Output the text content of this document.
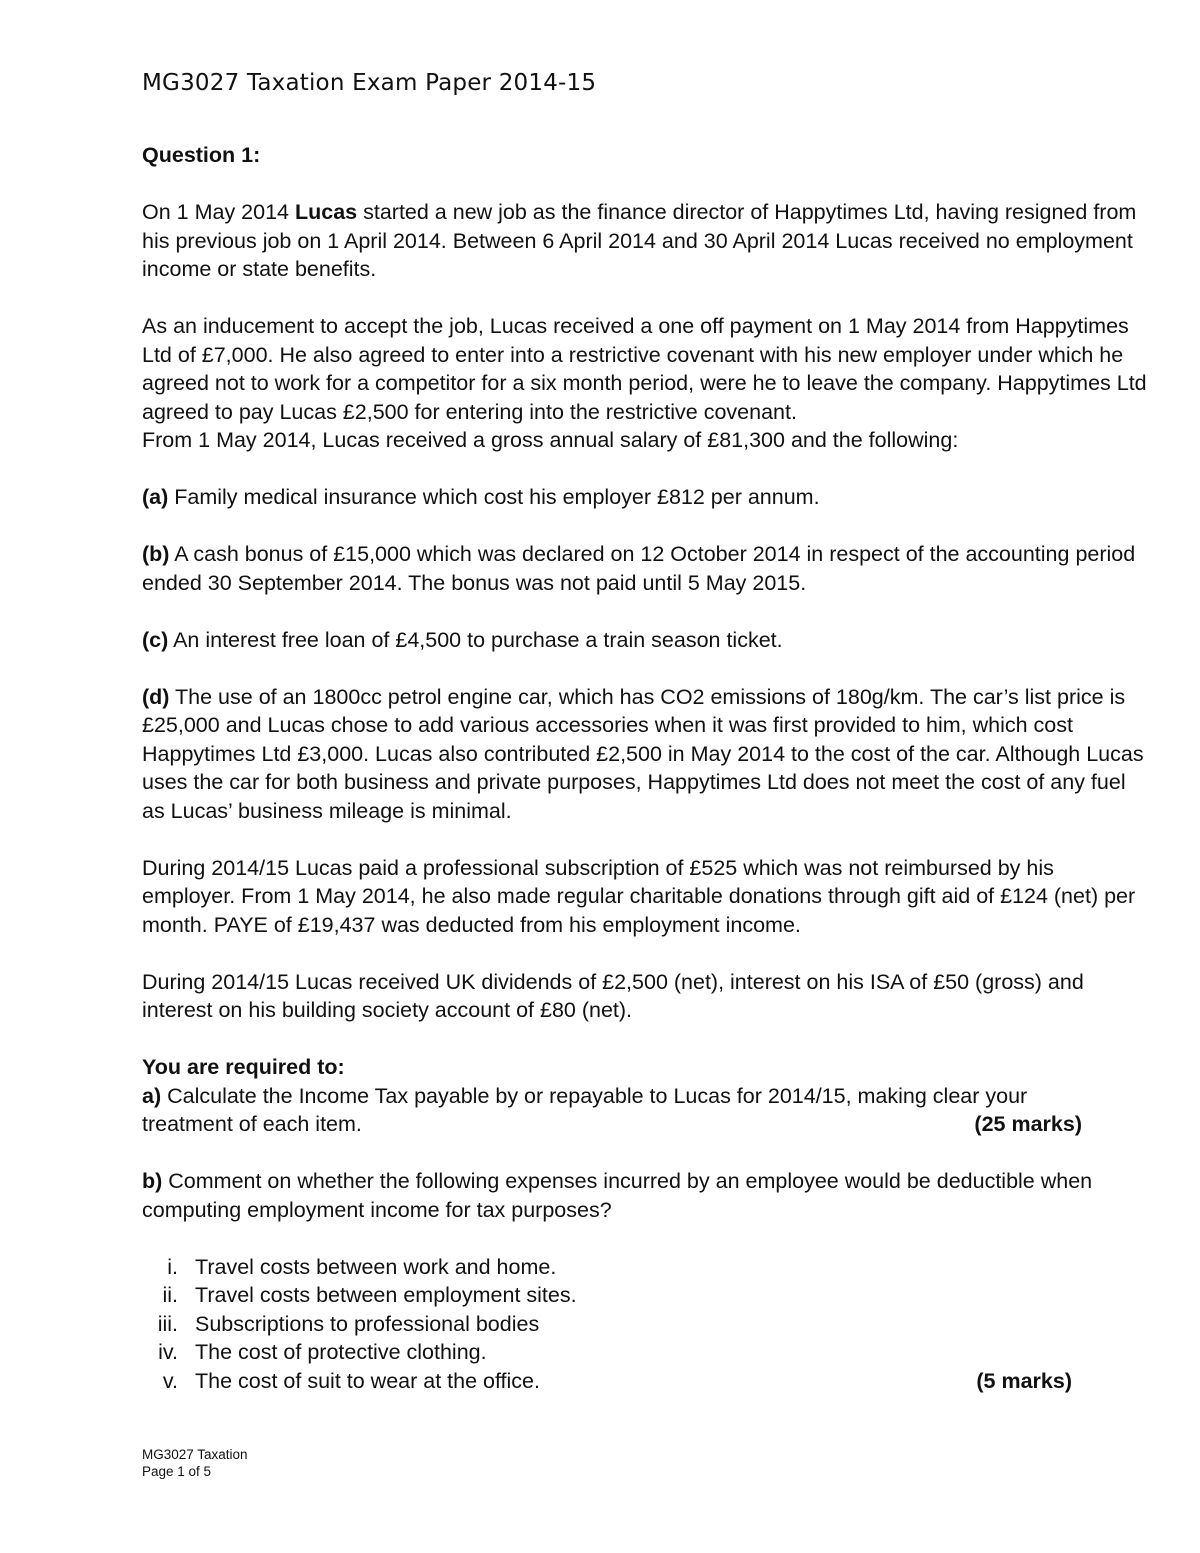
MG3027 Taxation Exam Paper 2014-15

Question 1:

On 1 May 2014 Lucas started a new job as the finance director of Happytimes Ltd, having resigned from his previous job on 1 April 2014. Between 6 April 2014 and 30 April 2014 Lucas received no employment income or state benefits.

As an inducement to accept the job, Lucas received a one off payment on 1 May 2014 from Happytimes Ltd of £7,000. He also agreed to enter into a restrictive covenant with his new employer under which he agreed not to work for a competitor for a six month period, were he to leave the company. Happytimes Ltd agreed to pay Lucas £2,500 for entering into the restrictive covenant.

From 1 May 2014, Lucas received a gross annual salary of £81,300 and the following:

(a) Family medical insurance which cost his employer £812 per annum.

(b) A cash bonus of £15,000 which was declared on 12 October 2014 in respect of the accounting period ended 30 September 2014. The bonus was not paid until 5 May 2015.

(c) An interest free loan of £4,500 to purchase a train season ticket.

(d) The use of an 1800cc petrol engine car, which has CO2 emissions of 180g/km. The car’s list price is £25,000 and Lucas chose to add various accessories when it was first provided to him, which cost Happytimes Ltd £3,000. Lucas also contributed £2,500 in May 2014 to the cost of the car. Although Lucas uses the car for both business and private purposes, Happytimes Ltd does not meet the cost of any fuel as Lucas’ business mileage is minimal.

During 2014/15 Lucas paid a professional subscription of £525 which was not reimbursed by his employer. From 1 May 2014, he also made regular charitable donations through gift aid of £124 (net) per month. PAYE of £19,437 was deducted from his employment income.

During 2014/15 Lucas received UK dividends of £2,500 (net), interest on his ISA of £50 (gross) and interest on his building society account of £80 (net).

You are required to:

a) Calculate the Income Tax payable by or repayable to Lucas for 2014/15, making clear your

treatment of each item.	(25 marks)

b) Comment on whether the following expenses incurred by an employee would be deductible when computing employment income for tax purposes?

i. Travel costs between work and home.
ii. Travel costs between employment sites.
iii. Subscriptions to professional bodies
iv. The cost of protective clothing.
v. The cost of suit to wear at the office.	(5 marks)
MG3027 Taxation
Page 1 of 5
